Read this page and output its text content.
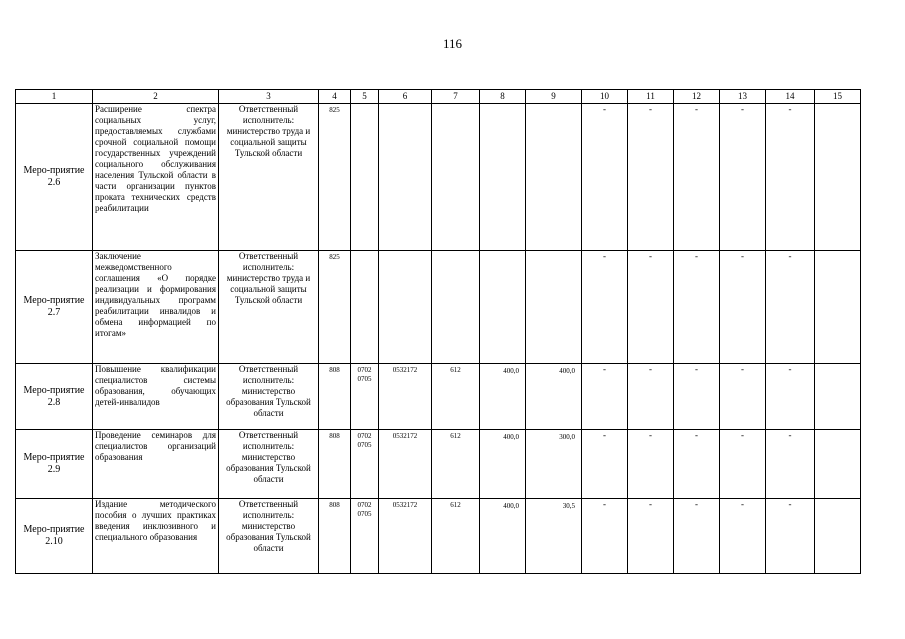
116
1	2	3	4	5	6	7	8	9	10	11	12	13	14	15
Меро-приятие 2.6	Расширение спектра социальных услуг, предоставляемых службами срочной социальной помощи государственных учреждений социального обслуживания населения Тульской области в части организации пунктов проката технических средств реабилитации	Ответственный исполнитель: министерство труда и социальной защиты Тульской области	825						-	-	-	-	-	
Меро-приятие 2.7	Заключение межведомственного соглашения «О порядке реализации и формирования индивидуальных программ реабилитации инвалидов и обмена информацией по итогам»	Ответственный исполнитель: министерство труда и социальной защиты Тульской области	825						-	-	-	-	-	
Меро-приятие 2.8	Повышение квалификации специалистов системы образования, обучающих детей-инвалидов	Ответственный исполнитель: министерство образования Тульской области	808	0702 0705	0532172	612	400,0	400,0	-	-	-	-	-	
Меро-приятие 2.9	Проведение семинаров для специалистов организаций образования	Ответственный исполнитель: министерство образования Тульской области	808	0702 0705	0532172	612	400,0	300,0	-	-	-	-	-	
Меро-приятие 2.10	Издание методического пособия о лучших практиках введения инклюзивного и специального образования	Ответственный исполнитель: министерство образования Тульской области	808	0702 0705	0532172	612	400,0	30,5	-	-	-	-	-	
